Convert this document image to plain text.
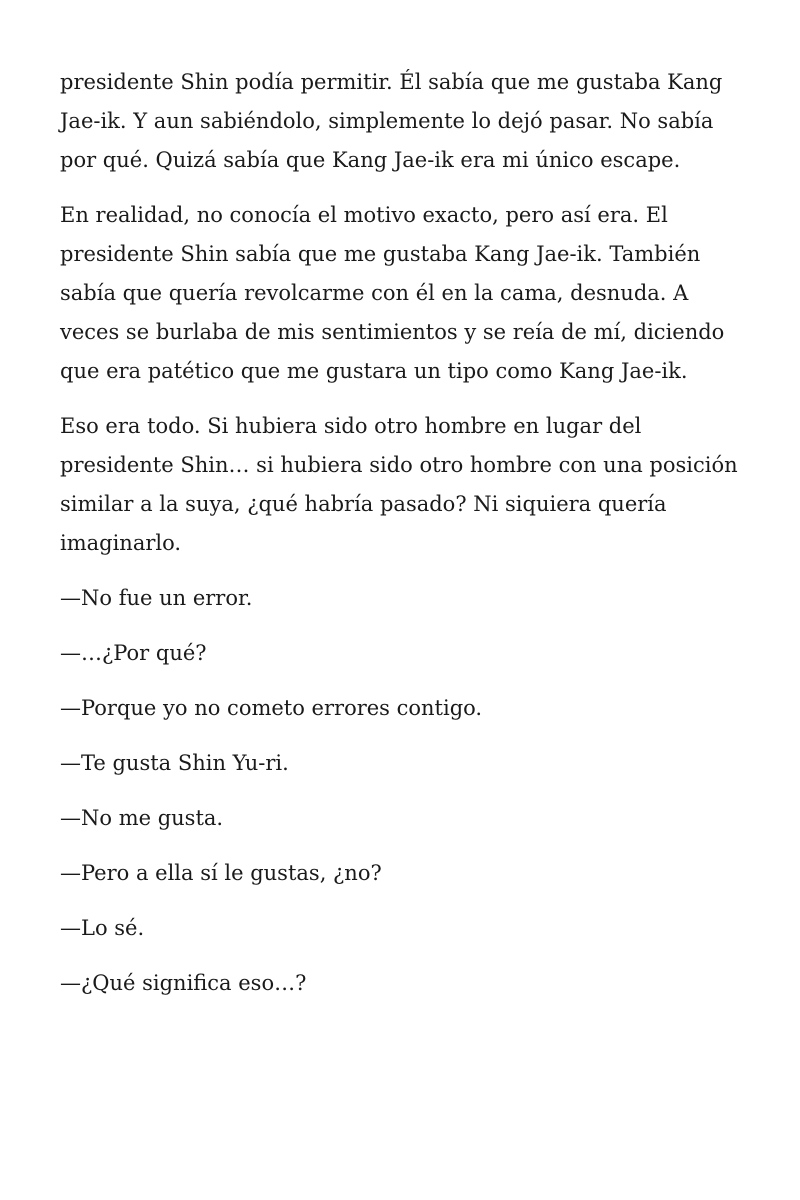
presidente Shin podía permitir. Él sabía que me gustaba Kang Jae-ik. Y aun sabiéndolo, simplemente lo dejó pasar. No sabía por qué. Quizá sabía que Kang Jae-ik era mi único escape.

En realidad, no conocía el motivo exacto, pero así era. El presidente Shin sabía que me gustaba Kang Jae-ik. También sabía que quería revolcarme con él en la cama, desnuda. A veces se burlaba de mis sentimientos y se reía de mí, diciendo que era patético que me gustara un tipo como Kang Jae-ik.

Eso era todo. Si hubiera sido otro hombre en lugar del presidente Shin… si hubiera sido otro hombre con una posición similar a la suya, ¿qué habría pasado? Ni siquiera quería imaginarlo.

—No fue un error.

—…¿Por qué?

—Porque yo no cometo errores contigo.

—Te gusta Shin Yu-ri.

—No me gusta.

—Pero a ella sí le gustas, ¿no?

—Lo sé.

—¿Qué significa eso…?
